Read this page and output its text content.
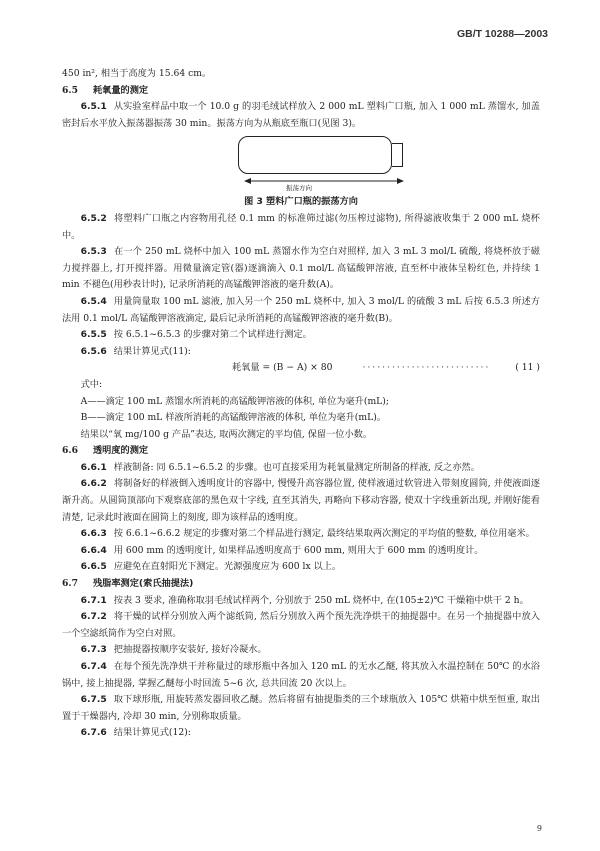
GB/T 10288—2003

450 in², 相当于高度为 15.64 cm。

6.5 耗氧量的测定

6.5.1 从实验室样品中取一个 10.0 g 的羽毛绒试样放入 2 000 mL 塑料广口瓶, 加入 1 000 mL 蒸馏水, 加盖密封后水平放入振荡器振荡 30 min。振荡方向为从瓶底至瓶口(见图 3)。

振荡方向

图 3 塑料广口瓶的振荡方向

6.5.2 将塑料广口瓶之内容物用孔径 0.1 mm 的标准筛过滤(勿压榨过滤物), 所得滤液收集于 2 000 mL 烧杯中。

6.5.3 在一个 250 mL 烧杯中加入 100 mL 蒸馏水作为空白对照样, 加入 3 mL 3 mol/L 硫酸, 将烧杯放于磁力搅拌器上, 打开搅拌器。用微量滴定管(器)逐滴滴入 0.1 mol/L 高锰酸钾溶液, 直至杯中液体呈粉红色, 并持续 1 min 不褪色(用秒表计时), 记录所消耗的高锰酸钾溶液的毫升数(A)。

6.5.4 用量筒量取 100 mL 滤液, 加入另一个 250 mL 烧杯中, 加入 3 mol/L 的硫酸 3 mL 后按 6.5.3 所述方法用 0.1 mol/L 高锰酸钾溶液滴定, 最后记录所消耗的高锰酸钾溶液的毫升数(B)。

6.5.5 按 6.5.1~6.5.3 的步骤对第二个试样进行测定。

6.5.6 结果计算见式(11):

耗氧量 = (B − A) × 80	··························	( 11 )

式中:

A——滴定 100 mL 蒸馏水所消耗的高锰酸钾溶液的体积, 单位为毫升(mL);

B——滴定 100 mL 样液所消耗的高锰酸钾溶液的体积, 单位为毫升(mL)。

结果以“氧 mg/100 g 产品”表达, 取两次测定的平均值, 保留一位小数。

6.6 透明度的测定

6.6.1 样液制备: 同 6.5.1~6.5.2 的步骤。也可直接采用为耗氧量测定所制备的样液, 反之亦然。

6.6.2 将制备好的样液倒入透明度计的容器中, 慢慢升高容器位置, 使样液通过软管进入带刻度圆筒, 并使液面逐渐升高。从圆筒顶部向下观察底部的黑色双十字线, 直至其消失, 再略向下移动容器, 使双十字线重新出现, 并刚好能看清楚, 记录此时液面在圆筒上的刻度, 即为该样品的透明度。

6.6.3 按 6.6.1~6.6.2 规定的步骤对第二个样品进行测定, 最终结果取两次测定的平均值的整数, 单位用毫米。

6.6.4 用 600 mm 的透明度计, 如果样品透明度高于 600 mm, 则用大于 600 mm 的透明度计。

6.6.5 应避免在直射阳光下测定。光源强度应为 600 lx 以上。

6.7 残脂率测定(索氏抽提法)

6.7.1 按表 3 要求, 准确称取羽毛绒试样两个, 分别放于 250 mL 烧杯中, 在(105±2)℃ 干燥箱中烘干 2 h。

6.7.2 将干燥的试样分别放入两个滤纸筒, 然后分别放入两个预先洗净烘干的抽提器中。在另一个抽提器中放入一个空滤纸筒作为空白对照。

6.7.3 把抽提器按顺序安装好, 接好冷凝水。

6.7.4 在每个预先洗净烘干并称量过的球形瓶中各加入 120 mL 的无水乙醚, 将其放入水温控制在 50℃ 的水浴锅中, 接上抽提器, 掌握乙醚每小时回流 5~6 次, 总共回流 20 次以上。

6.7.5 取下球形瓶, 用旋转蒸发器回收乙醚。然后将留有抽提脂类的三个球瓶放入 105℃ 烘箱中烘至恒重, 取出置于干燥器内, 冷却 30 min, 分别称取质量。

6.7.6 结果计算见式(12):

9
